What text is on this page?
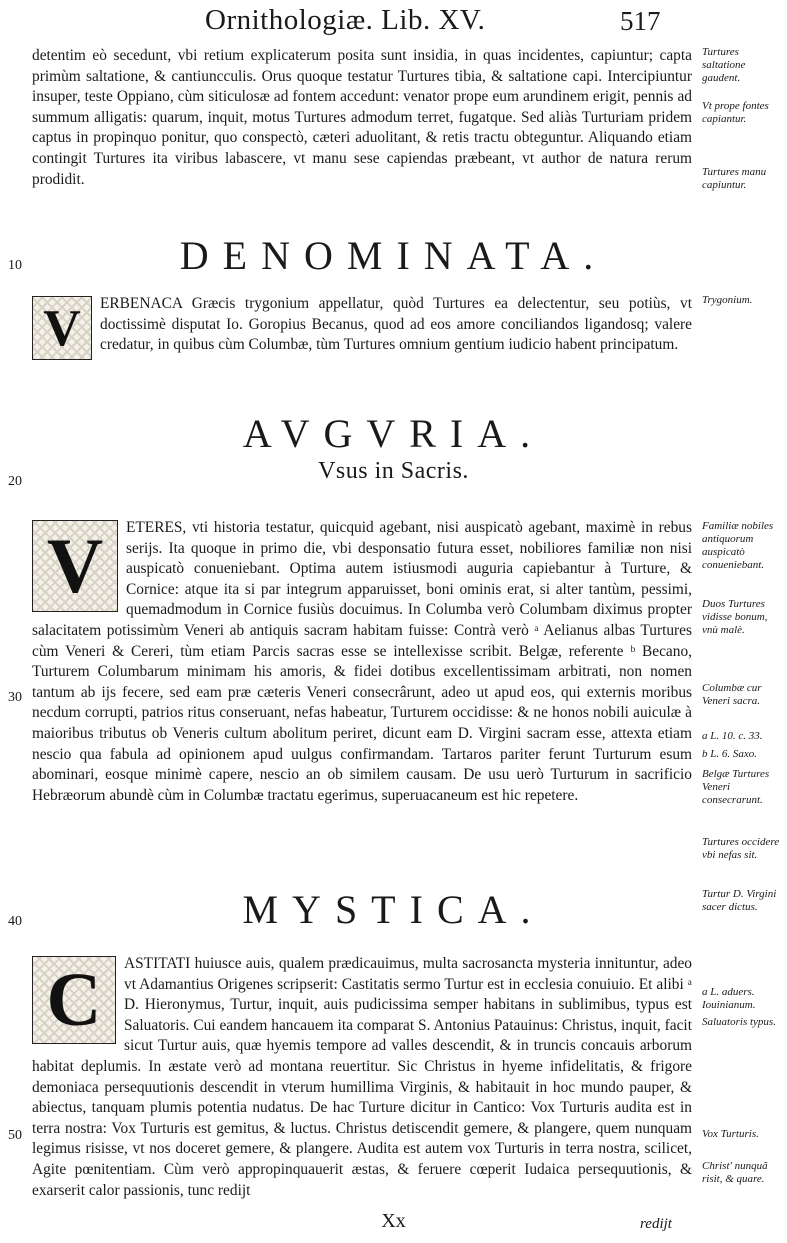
Ornithologiæ. Lib. XV.	517
10
20
30
40
50

detentim eò secedunt, vbi retium explicaterum posita sunt insidia, in quas incidentes, capiuntur; capta primùm saltatione, & cantiuncculis. Orus quoque testatur Turtures tibia, & saltatione capi. Intercipiuntur insuper, teste Oppiano, cùm siticulosæ ad fontem accedunt: venator prope eum arundinem erigit, pennis ad summum alligatis: quarum, inquit, motus Turtures admodum terret, fugatque. Sed aliàs Turturiam pridem captus in propinquo ponitur, quo conspectò, cæteri aduolitant, & retis tractu obteguntur. Aliquando etiam contingit Turtures ita viribus labascere, vt manu sese capiendas præbeant, vt author de natura rerum prodidit.

DENOMINATA.
V	ERBENACA Græcis trygonium appellatur, quòd Turtures ea delectentur, seu potiùs, vt doctissimè disputat Io. Goropius Becanus, quod ad eos amore conciliandos ligandosq; valere credatur, in quibus cùm Columbæ, tùm Turtures omnium gentium iudicio habent principatum.

AVGVRIA.
Vsus in Sacris.
V	ETERES, vti historia testatur, quicquid agebant, nisi auspicatò agebant, maximè in rebus serijs. Ita quoque in primo die, vbi desponsatio futura esset, nobiliores familiæ non nisi auspicatò conueniebant. Optima autem istiusmodi auguria capiebantur à Turture, & Cornice: atque ita si par integrum apparuisset, boni ominis erat, si alter tantùm, pessimi, quemadmodum in Cornice fusiùs docuimus. In Columba verò Columbam diximus propter salacitatem potissimùm Veneri ab antiquis sacram habitam fuisse: Contrà verò ᵃ Aelianus albas Turtures cùm Veneri & Cereri, tùm etiam Parcis sacras esse se intellexisse scribit. Belgæ, referente ᵇ Becano, Turturem Columbarum minimam his amoris, & fidei dotibus excellentissimam arbitrati, non nomen tantum ab ijs fecere, sed eam præ cæteris Veneri consecrârunt, adeo ut apud eos, qui externis moribus necdum corrupti, patrios ritus conseruant, nefas habeatur, Turturem occidisse: & ne honos nobili auiculæ à maioribus tributus ob Veneris cultum abolitum periret, dicunt eam D. Virgini sacram esse, attexta etiam nescio qua fabula ad opinionem apud uulgus confirmandam. Tartaros pariter ferunt Turturum esum abominari, eosque minimè capere, nescio an ob similem causam. De usu uerò Turturum in sacrificio Hebræorum abundè cùm in Columbæ tractatu egerimus, superuacaneum est hic repetere.

MYSTICA.
C	ASTITATI huiusce auis, qualem prædicauimus, multa sacrosancta mysteria innituntur, adeo vt Adamantius Origenes scripserit: Castitatis sermo Turtur est in ecclesia conuiuio. Et alibi ᵃ D. Hieronymus, Turtur, inquit, auis pudicissima semper habitans in sublimibus, typus est Saluatoris. Cui eandem hancauem ita comparat S. Antonius Patauinus: Christus, inquit, facit sicut Turtur auis, quæ hyemis tempore ad valles descendit, & in truncis concauis arborum habitat deplumis. In æstate verò ad montana reuertitur. Sic Christus in hyeme infidelitatis, & frigore demoniaca persequutionis descendit in vterum humillima Virginis, & habitauit in hoc mundo pauper, & abiectus, tanquam plumis potentia nudatus. De hac Turture dicitur in Cantico: Vox Turturis audita est in terra nostra: Vox Turturis est gemitus, & luctus. Christus detiscendit gemere, & plangere, quem nunquam legimus risisse, vt nos doceret gemere, & plangere. Audita est autem vox Turturis in terra nostra, scilicet, Agite pœnitentiam. Cùm verò appropinquauerit æstas, & feruere cœperit Iudaica persequutionis, & exarserit calor passionis, tunc redijt

Turtures saltatione gaudent.
Vt prope fontes capiantur.
Turtures manu capiuntur.
Trygonium.
Familiæ nobiles antiquorum auspicatò conueniebant.
Duos Turtures vidisse bonum, vnù malè.
Columbæ cur Veneri sacra.
a L. 10. c. 33.
b L. 6. Saxo.
Belgæ Turtures Veneri consecrarunt.
Turtures occidere vbi nefas sit.
Turtur D. Virgini sacer dictus.
a L. aduers. Iouinianum.
Saluatoris typus.
Vox Turturis.
Christ' nunquã risit, & quare.
Xx	redijt
